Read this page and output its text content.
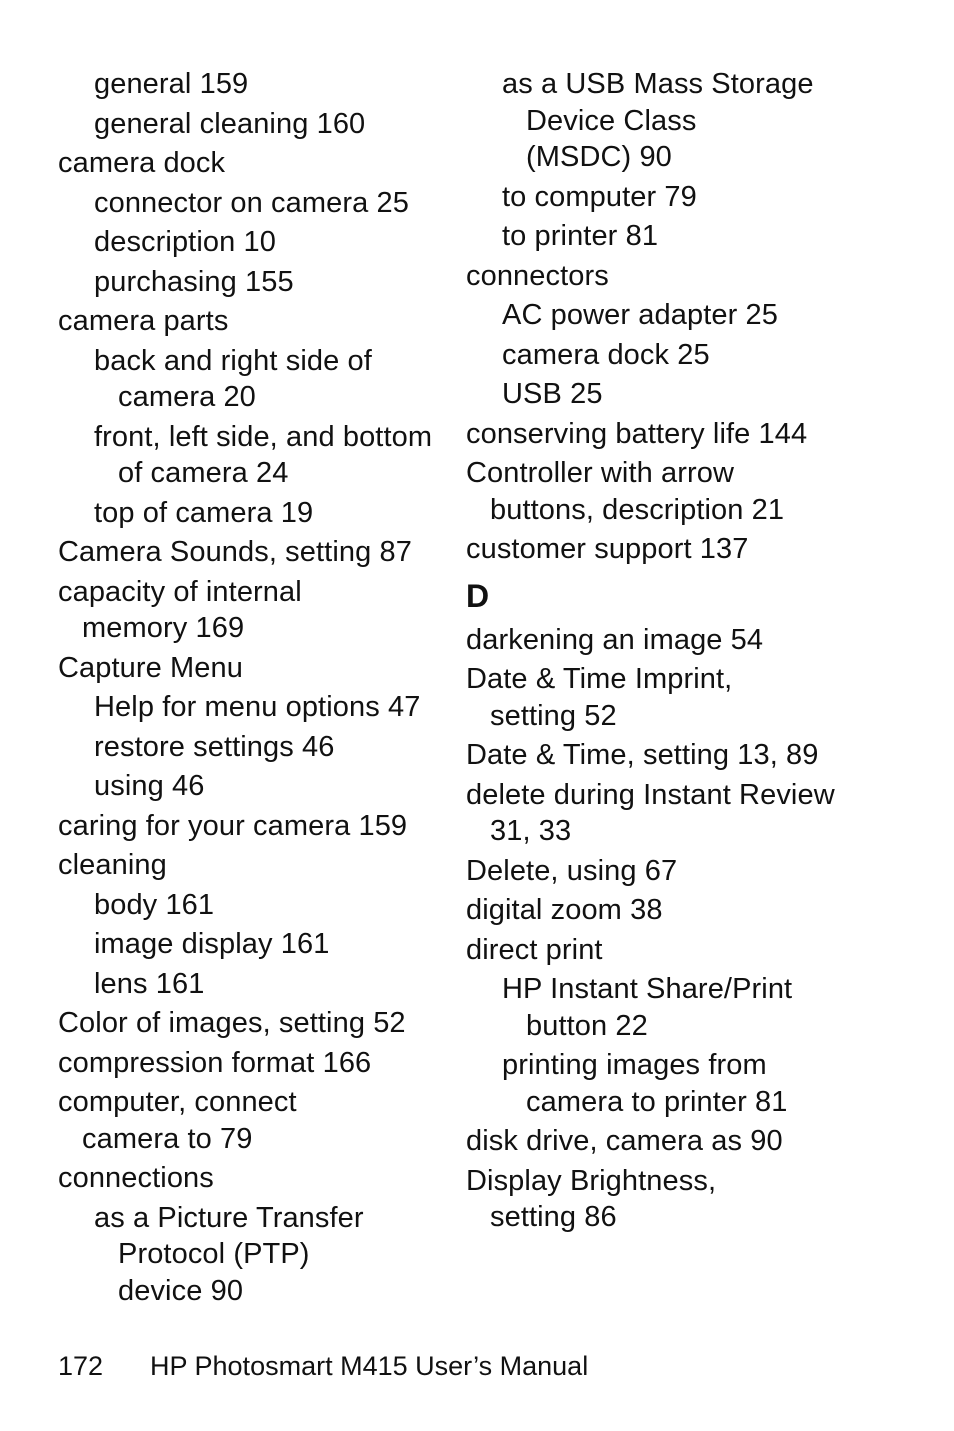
general 159
general cleaning 160
camera dock
connector on camera 25
description 10
purchasing 155
camera parts
back and right side of
camera 20
front, left side, and bottom
of camera 24
top of camera 19
Camera Sounds, setting 87
capacity of internal
memory 169
Capture Menu
Help for menu options 47
restore settings 46
using 46
caring for your camera 159
cleaning
body 161
image display 161
lens 161
Color of images, setting 52
compression format 166
computer, connect
camera to 79
connections
as a Picture Transfer
Protocol (PTP)
device 90
as a USB Mass Storage
Device Class
(MSDC) 90
to computer 79
to printer 81
connectors
AC power adapter 25
camera dock 25
USB 25
conserving battery life 144
Controller with arrow
buttons, description 21
customer support 137
D
darkening an image 54
Date & Time Imprint,
setting 52
Date & Time, setting 13, 89
delete during Instant Review
31, 33
Delete, using 67
digital zoom 38
direct print
HP Instant Share/Print
button 22
printing images from
camera to printer 81
disk drive, camera as 90
Display Brightness,
setting 86
172 HP Photosmart M415 User’s Manual
